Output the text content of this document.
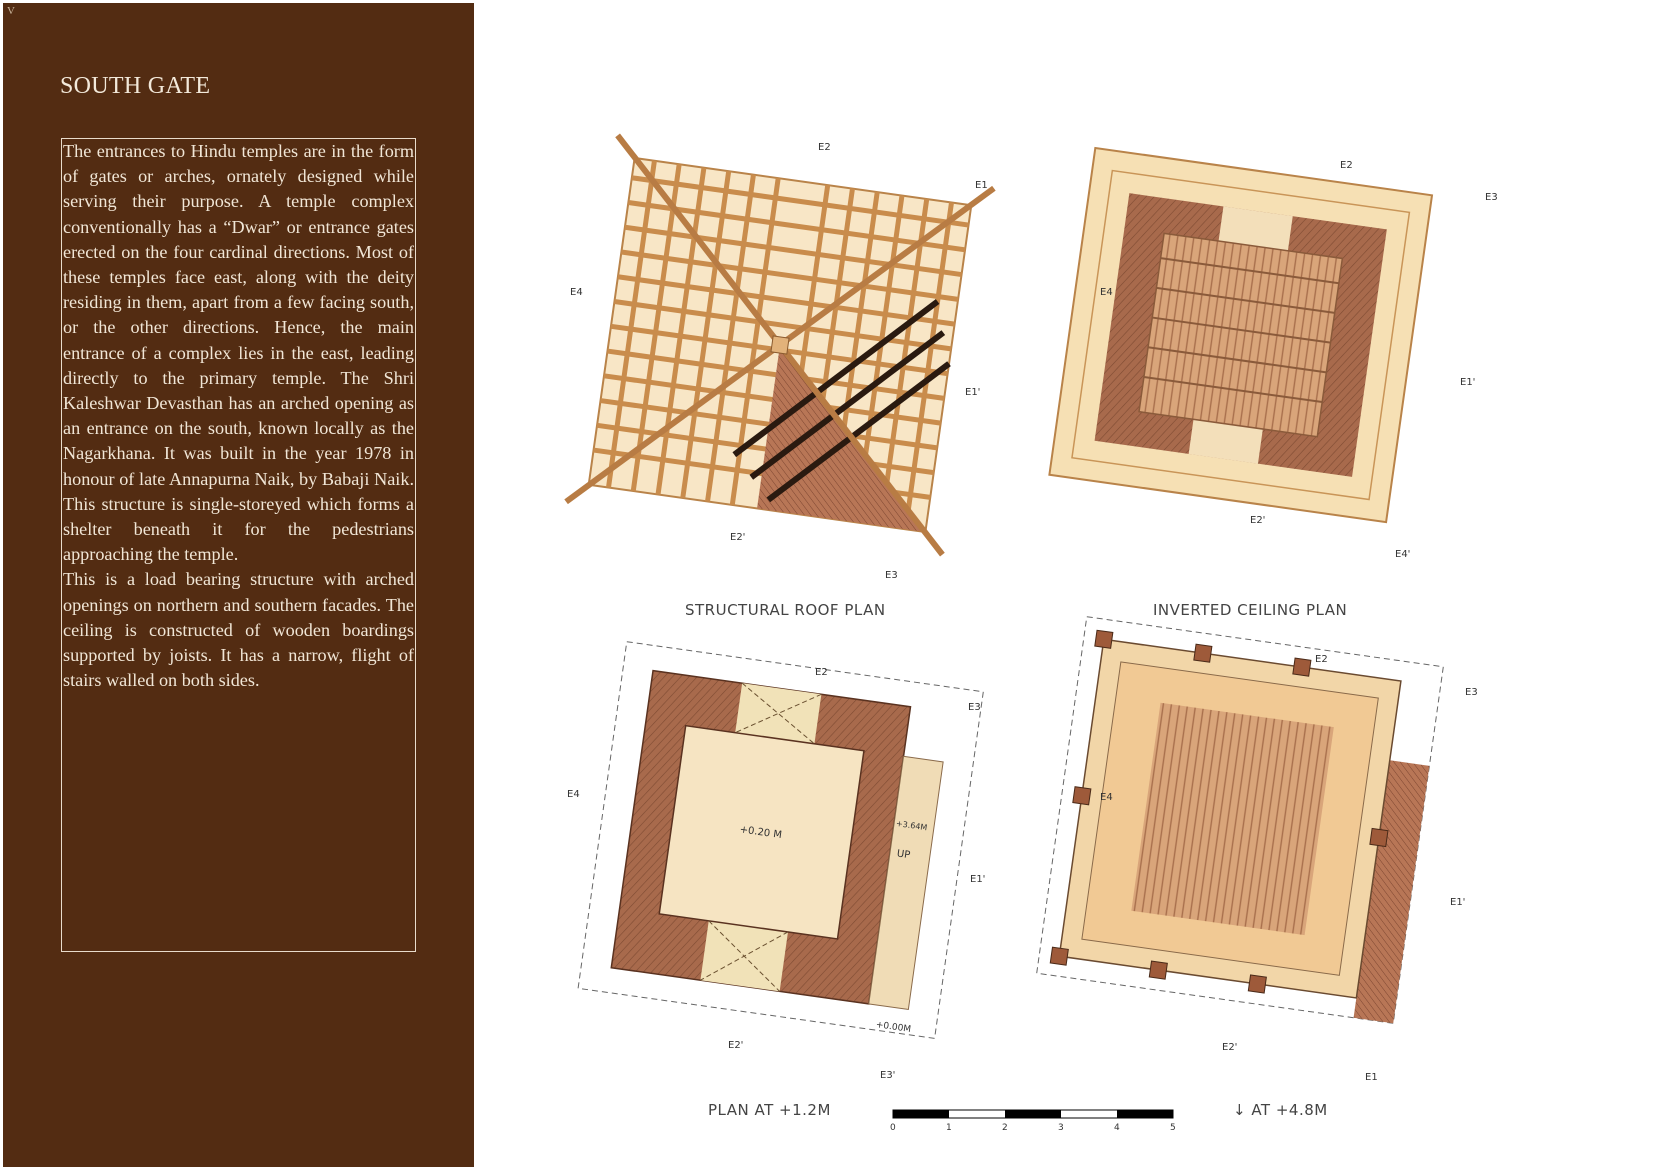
V
SOUTH GATE

The entrances to Hindu temples are in the form of gates or arches, ornately designed while serving their purpose. A temple complex conventionally has a “Dwar” or entrance gates erected on the four cardinal directions. Most of these temples face east, along with the deity residing in them, apart from a few facing south, or the other directions. Hence, the main entrance of a complex lies in the east, leading directly to the primary temple. The Shri Kaleshwar Devasthan has an arched opening as an entrance on the south, known locally as the Nagarkhana. It was built in the year 1978 in honour of late Annapurna Naik, by Babaji Naik. This structure is single-storeyed which forms a shelter beneath it for the pedestrians approaching the temple.

This is a load bearing structure with arched openings on northern and southern facades. The ceiling is constructed of wooden boardings supported by joists. It has a narrow, flight of stairs walled on both sides.

+0.20 M	+3.64M
UP
+0.00M
E2
E1
E4
E1'
E2'
E3
E2
E3
E4
E1'
E2'
E4'
E2
E3
E4
E1'
E2'
E3'
E2
E3
E4
E1'
E2'
E1
STRUCTURAL ROOF PLAN	INVERTED CEILING PLAN
PLAN AT +1.2M	↓ AT +4.8M
0	1	2	3	4	5
